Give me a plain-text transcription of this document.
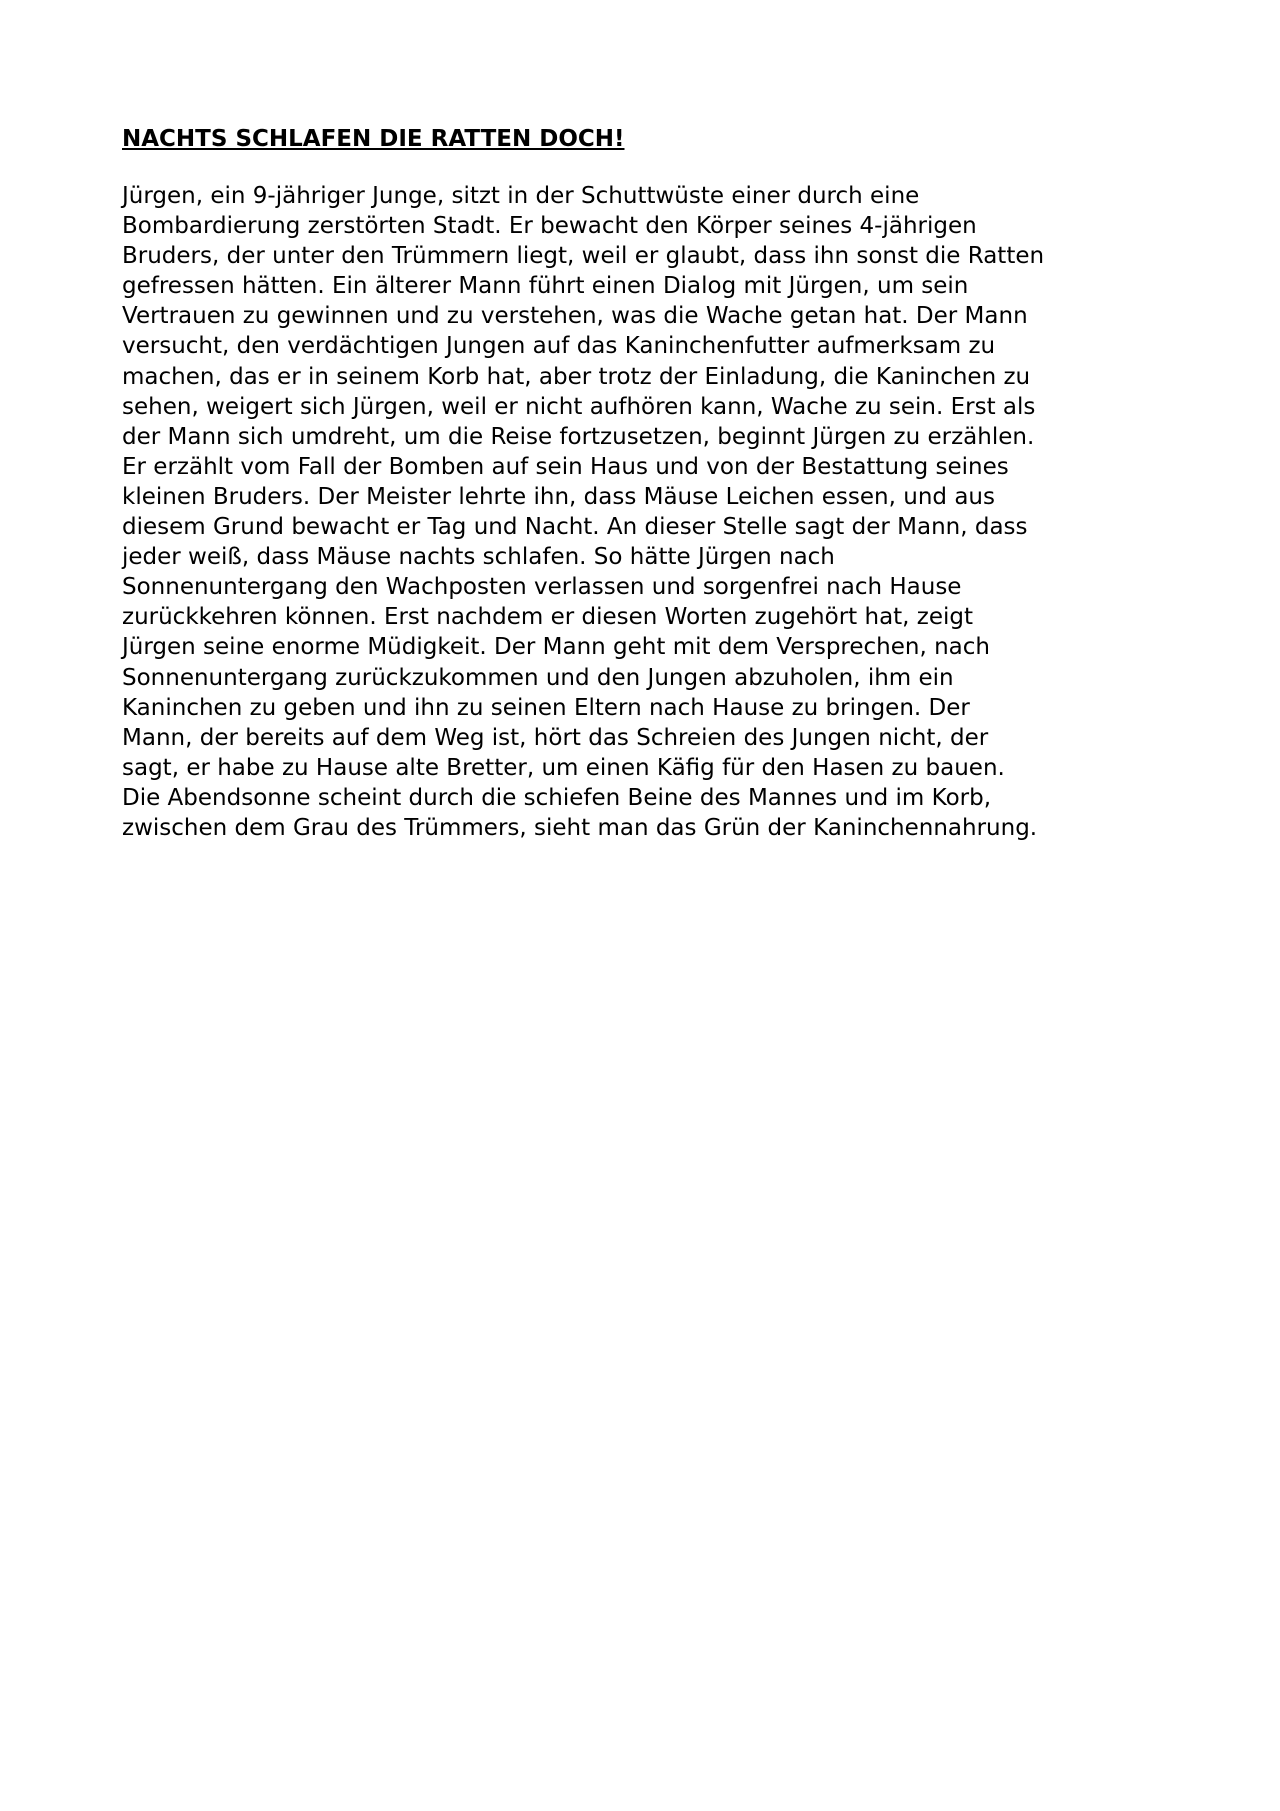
NACHTS SCHLAFEN DIE RATTEN DOCH!
Jürgen, ein 9-jähriger Junge, sitzt in der Schuttwüste einer durch eine
Bombardierung zerstörten Stadt. Er bewacht den Körper seines 4-jährigen
Bruders, der unter den Trümmern liegt, weil er glaubt, dass ihn sonst die Ratten
gefressen hätten. Ein älterer Mann führt einen Dialog mit Jürgen, um sein
Vertrauen zu gewinnen und zu verstehen, was die Wache getan hat. Der Mann
versucht, den verdächtigen Jungen auf das Kaninchenfutter aufmerksam zu
machen, das er in seinem Korb hat, aber trotz der Einladung, die Kaninchen zu
sehen, weigert sich Jürgen, weil er nicht aufhören kann, Wache zu sein. Erst als
der Mann sich umdreht, um die Reise fortzusetzen, beginnt Jürgen zu erzählen.
Er erzählt vom Fall der Bomben auf sein Haus und von der Bestattung seines
kleinen Bruders. Der Meister lehrte ihn, dass Mäuse Leichen essen, und aus
diesem Grund bewacht er Tag und Nacht. An dieser Stelle sagt der Mann, dass
jeder weiß, dass Mäuse nachts schlafen. So hätte Jürgen nach
Sonnenuntergang den Wachposten verlassen und sorgenfrei nach Hause
zurückkehren können. Erst nachdem er diesen Worten zugehört hat, zeigt
Jürgen seine enorme Müdigkeit. Der Mann geht mit dem Versprechen, nach
Sonnenuntergang zurückzukommen und den Jungen abzuholen, ihm ein
Kaninchen zu geben und ihn zu seinen Eltern nach Hause zu bringen. Der
Mann, der bereits auf dem Weg ist, hört das Schreien des Jungen nicht, der
sagt, er habe zu Hause alte Bretter, um einen Käfig für den Hasen zu bauen.
Die Abendsonne scheint durch die schiefen Beine des Mannes und im Korb,
zwischen dem Grau des Trümmers, sieht man das Grün der Kaninchennahrung.
